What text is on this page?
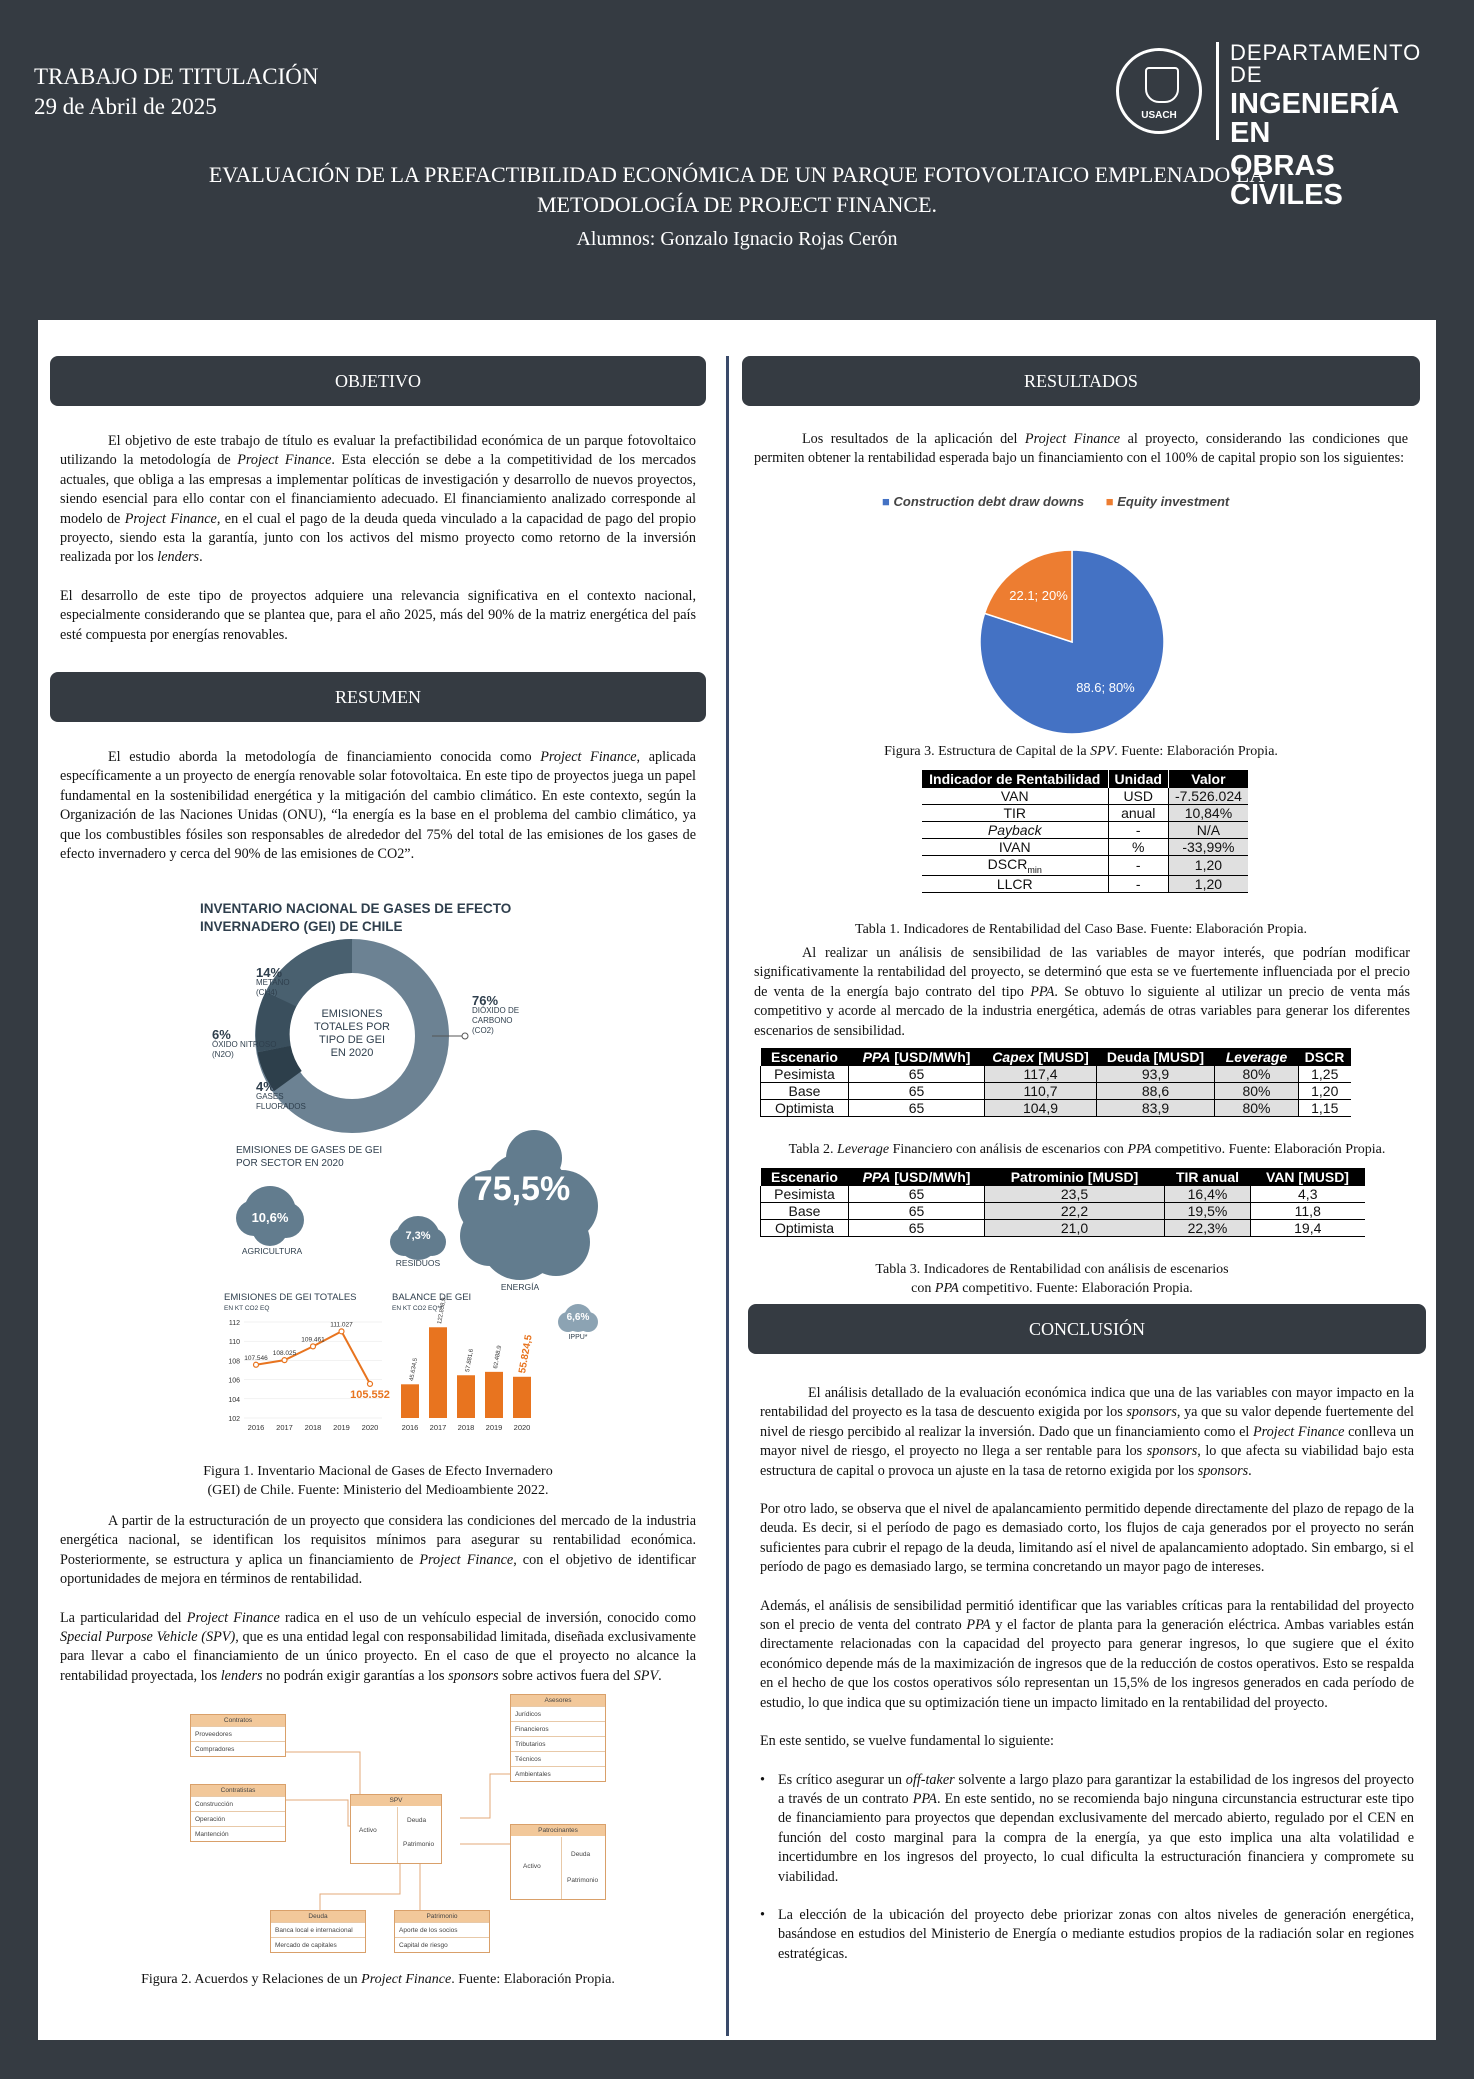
TRABAJO DE TITULACIÓN
29 de Abril de 2025	USACH
DEPARTAMENTO DE
INGENIERÍA EN
OBRAS CIVILES
EVALUACIÓN DE LA PREFACTIBILIDAD ECONÓMICA DE UN PARQUE FOTOVOLTAICO EMPLENADO LA
METODOLOGÍA DE PROJECT FINANCE.
Alumnos: Gonzalo Ignacio Rojas Cerón
OBJETIVO

El objetivo de este trabajo de título es evaluar la prefactibilidad económica de un parque fotovoltaico utilizando la metodología de Project Finance. Esta elección se debe a la competitividad de los mercados actuales, que obliga a las empresas a implementar políticas de investigación y desarrollo de nuevos proyectos, siendo esencial para ello contar con el financiamiento adecuado. El financiamiento analizado corresponde al modelo de Project Finance, en el cual el pago de la deuda queda vinculado a la capacidad de pago del propio proyecto, siendo esta la garantía, junto con los activos del mismo proyecto como retorno de la inversión realizada por los lenders.

El desarrollo de este tipo de proyectos adquiere una relevancia significativa en el contexto nacional, especialmente considerando que se plantea que, para el año 2025, más del 90% de la matriz energética del país esté compuesta por energías renovables.

RESUMEN

El estudio aborda la metodología de financiamiento conocida como Project Finance, aplicada específicamente a un proyecto de energía renovable solar fotovoltaica. En este tipo de proyectos juega un papel fundamental en la sostenibilidad energética y la mitigación del cambio climático. En este contexto, según la Organización de las Naciones Unidas (ONU), “la energía es la base en el problema del cambio climático, ya que los combustibles fósiles son responsables de alrededor del 75% del total de las emisiones de los gases de efecto invernadero y cerca del 90% de las emisiones de CO2”.

INVENTARIO NACIONAL DE GASES DE EFECTO
INVERNADERO (GEI) DE CHILE
EMISIONES
TOTALES POR
TIPO DE GEI
EN 2020
76%
DIÓXIDO DE
CARBONO
(CO2)
14%
METANO
(CH4)
6%
ÓXIDO NITROSO
(N2O)
4%
GASES
FLUORADOS
EMISIONES DE GASES DE GEI
POR SECTOR EN 2020
10,6%
AGRICULTURA
7,3%
RESIDUOS
75,5%
ENERGÍA
6,6%
IPPU*
EMISIONES DE GEI TOTALES
EN KT CO2 EQ
112
110
108
106
104
102
107.546
2016
108.025
2017
109.461
2018
111.027
2019
105.552
2020
BALANCE DE GEI
EN KT CO2 EQ**
45.634,5
2016
122.858,9
2017
57.881,6
2018
62.488,9
2019
55.824,5
2020
Figura 1. Inventario Macional de Gases de Efecto Invernadero
(GEI) de Chile. Fuente: Ministerio del Medioambiente 2022.

A partir de la estructuración de un proyecto que considera las condiciones del mercado de la industria energética nacional, se identifican los requisitos mínimos para asegurar su rentabilidad económica. Posteriormente, se estructura y aplica un financiamiento de Project Finance, con el objetivo de identificar oportunidades de mejora en términos de rentabilidad.

La particularidad del Project Finance radica en el uso de un vehículo especial de inversión, conocido como Special Purpose Vehicle (SPV), que es una entidad legal con responsabilidad limitada, diseñada exclusivamente para llevar a cabo el financiamiento de un único proyecto. En el caso de que el proyecto no alcance la rentabilidad proyectada, los lenders no podrán exigir garantías a los sponsors sobre activos fuera del SPV.

Contratos
Proveedores
Compradores
Contratistas
Construcción
Operación
Mantención
Asesores
Jurídicos
Financieros
Tributarios
Técnicos
Ambientales
SPV
Activo
Deuda
Patrimonio
Patrocinantes
Activo
Deuda
Patrimonio
Deuda
Banca local e internacional
Mercado de capitales
Patrimonio
Aporte de los socios
Capital de riesgo
Figura 2. Acuerdos y Relaciones de un Project Finance. Fuente: Elaboración Propia.
RESULTADOS

Los resultados de la aplicación del Project Finance al proyecto, considerando las condiciones que permiten obtener la rentabilidad esperada bajo un financiamiento con el 100% de capital propio son los siguientes:

■ Construction debt draw downs ■ Equity investment
88.6; 80%
22.1; 20%
Figura 3. Estructura de Capital de la SPV. Fuente: Elaboración Propia.
Indicador de Rentabilidad	Unidad	Valor
VAN	USD	-7.526.024
TIR	anual	10,84%
Payback	-	N/A
IVAN	%	-33,99%
$DSCR_{min}$	-	1,20
LLCR	-	1,20
Tabla 1. Indicadores de Rentabilidad del Caso Base. Fuente: Elaboración Propia.

Al realizar un análisis de sensibilidad de las variables de mayor interés, que podrían modificar significativamente la rentabilidad del proyecto, se determinó que esta se ve fuertemente influenciada por el precio de venta de la energía bajo contrato del tipo PPA. Se obtuvo lo siguiente al utilizar un precio de venta más competitivo y acorde al mercado de la industria energética, además de otras variables para generar los diferentes escenarios de sensibilidad.

Escenario	PPA [USD/MWh]	Capex [MUSD]	Deuda [MUSD]	Leverage	DSCR
Pesimista	65	117,4	93,9	80%	1,25
Base	65	110,7	88,6	80%	1,20
Optimista	65	104,9	83,9	80%	1,15
Tabla 2. Leverage Financiero con análisis de escenarios con PPA competitivo. Fuente: Elaboración Propia.
Escenario	PPA [USD/MWh]	Patrominio [MUSD]	TIR anual	VAN [MUSD]
Pesimista	65	23,5	16,4%	4,3
Base	65	22,2	19,5%	11,8
Optimista	65	21,0	22,3%	19,4
Tabla 3. Indicadores de Rentabilidad con análisis de escenarios
con PPA competitivo. Fuente: Elaboración Propia.
CONCLUSIÓN

El análisis detallado de la evaluación económica indica que una de las variables con mayor impacto en la rentabilidad del proyecto es la tasa de descuento exigida por los sponsors, ya que su valor depende fuertemente del nivel de riesgo percibido al realizar la inversión. Dado que un financiamiento como el Project Finance conlleva un mayor nivel de riesgo, el proyecto no llega a ser rentable para los sponsors, lo que afecta su viabilidad bajo esta estructura de capital o provoca un ajuste en la tasa de retorno exigida por los sponsors.

Por otro lado, se observa que el nivel de apalancamiento permitido depende directamente del plazo de repago de la deuda. Es decir, si el período de pago es demasiado corto, los flujos de caja generados por el proyecto no serán suficientes para cubrir el repago de la deuda, limitando así el nivel de apalancamiento adoptado. Sin embargo, si el período de pago es demasiado largo, se termina concretando un mayor pago de intereses.

Además, el análisis de sensibilidad permitió identificar que las variables críticas para la rentabilidad del proyecto son el precio de venta del contrato PPA y el factor de planta para la generación eléctrica. Ambas variables están directamente relacionadas con la capacidad del proyecto para generar ingresos, lo que sugiere que el éxito económico depende más de la maximización de ingresos que de la reducción de costos operativos. Esto se respalda en el hecho de que los costos operativos sólo representan un 15,5% de los ingresos generados en cada período de estudio, lo que indica que su optimización tiene un impacto limitado en la rentabilidad del proyecto.

En este sentido, se vuelve fundamental lo siguiente:

• Es crítico asegurar un off-taker solvente a largo plazo para garantizar la estabilidad de los ingresos del proyecto a través de un contrato PPA. En este sentido, no se recomienda bajo ninguna circunstancia estructurar este tipo de financiamiento para proyectos que dependan exclusivamente del mercado abierto, regulado por el CEN en función del costo marginal para la compra de la energía, ya que esto implica una alta volatilidad e incertidumbre en los ingresos del proyecto, lo cual dificulta la estructuración financiera y compromete su viabilidad.
• La elección de la ubicación del proyecto debe priorizar zonas con altos niveles de generación energética, basándose en estudios del Ministerio de Energía o mediante estudios propios de la radiación solar en regiones estratégicas.
